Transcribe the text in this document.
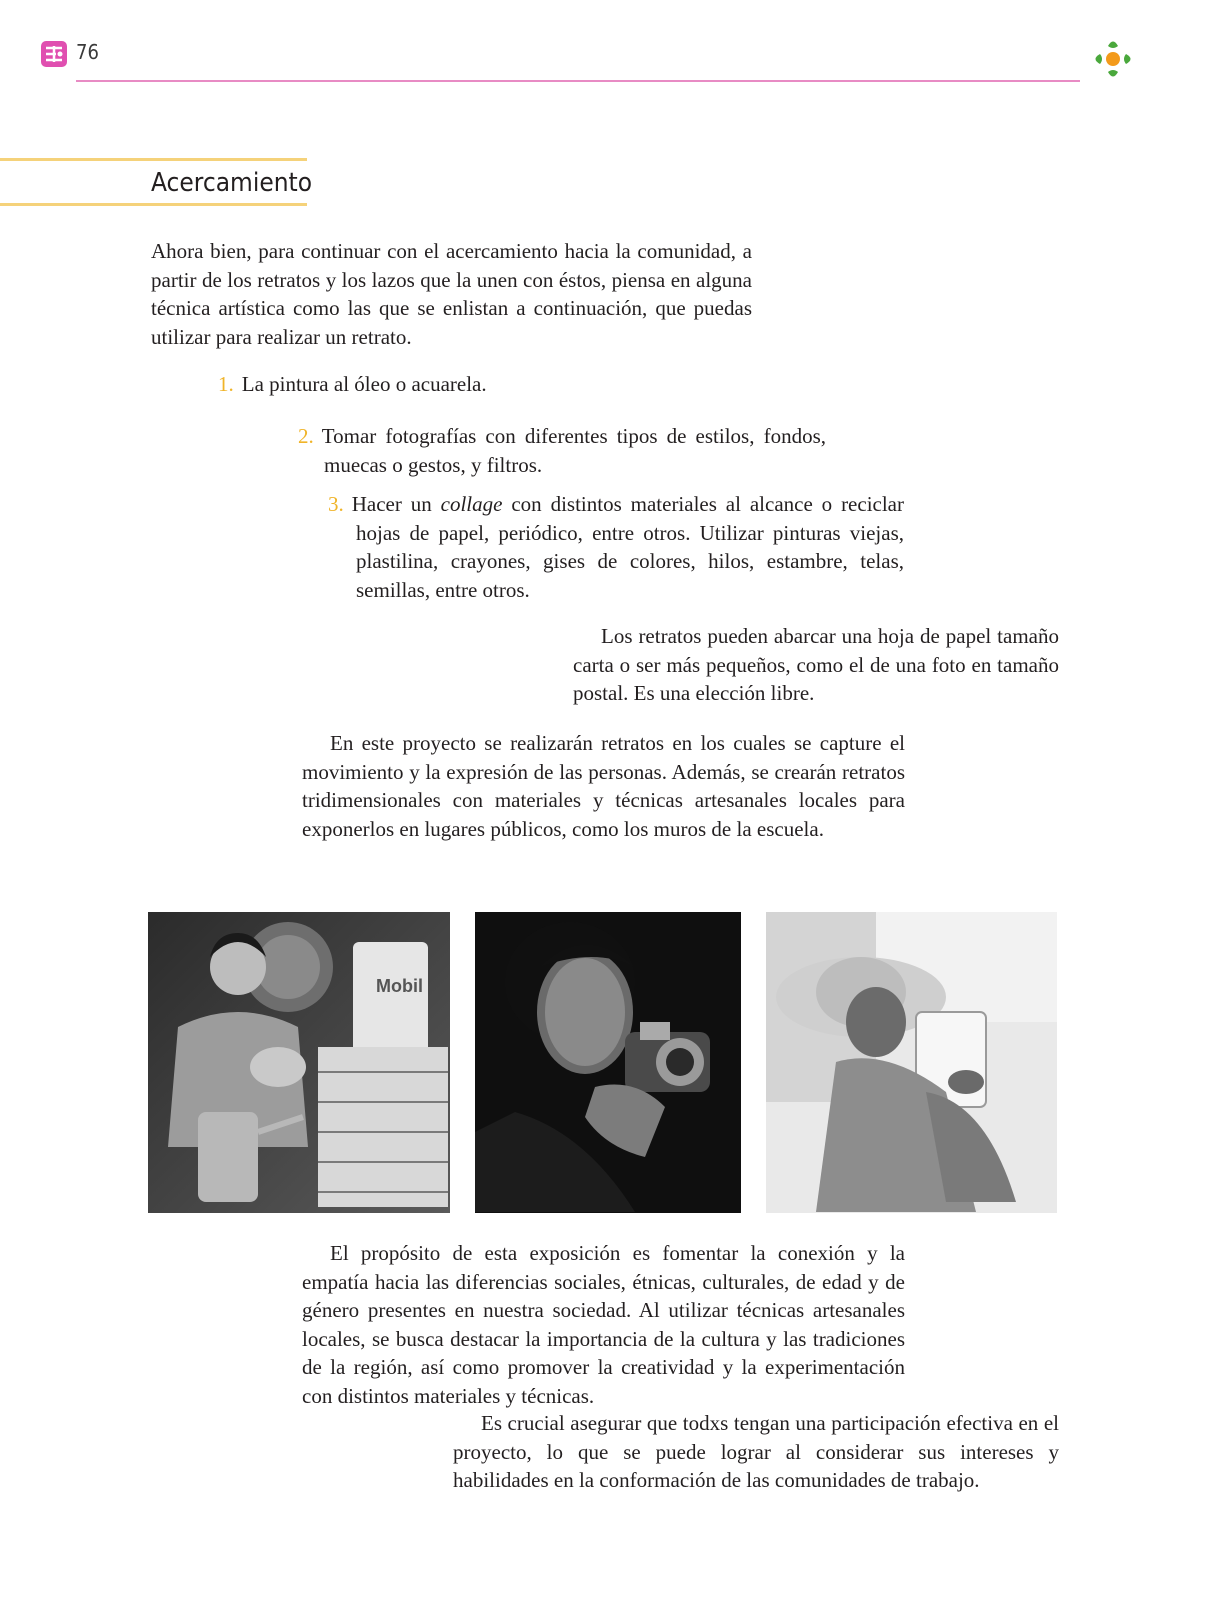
76
Acercamiento
Ahora bien, para continuar con el acercamiento hacia la comunidad, a partir de los retratos y los lazos que la unen con éstos, piensa en alguna técnica artística como las que se enlistan a continuación, que puedas utilizar para realizar un retrato.
1. La pintura al óleo o acuarela.
2. Tomar fotografías con diferentes tipos de estilos, fondos, muecas o gestos, y filtros.
3. Hacer un collage con distintos materiales al alcance o reciclar hojas de papel, periódico, entre otros. Utilizar pinturas viejas, plastilina, crayones, gises de colores, hilos, estambre, telas, semillas, entre otros.
Los retratos pueden abarcar una hoja de papel tamaño carta o ser más pequeños, como el de una foto en tamaño postal. Es una elección libre.
En este proyecto se realizarán retratos en los cuales se capture el movimiento y la expresión de las personas. Además, se crearán retratos tridimensionales con materiales y técnicas artesanales locales para exponerlos en lugares públicos, como los muros de la escuela.
Mobil
El propósito de esta exposición es fomentar la conexión y la empatía hacia las diferencias sociales, étnicas, culturales, de edad y de género presentes en nuestra sociedad. Al utilizar técnicas artesanales locales, se busca destacar la importancia de la cultura y las tradiciones de la región, así como promover la creatividad y la experimentación con distintos materiales y técnicas.
Es crucial asegurar que todxs tengan una participación efectiva en el proyecto, lo que se puede lograr al considerar sus intereses y habilidades en la conformación de las comunidades de trabajo.
